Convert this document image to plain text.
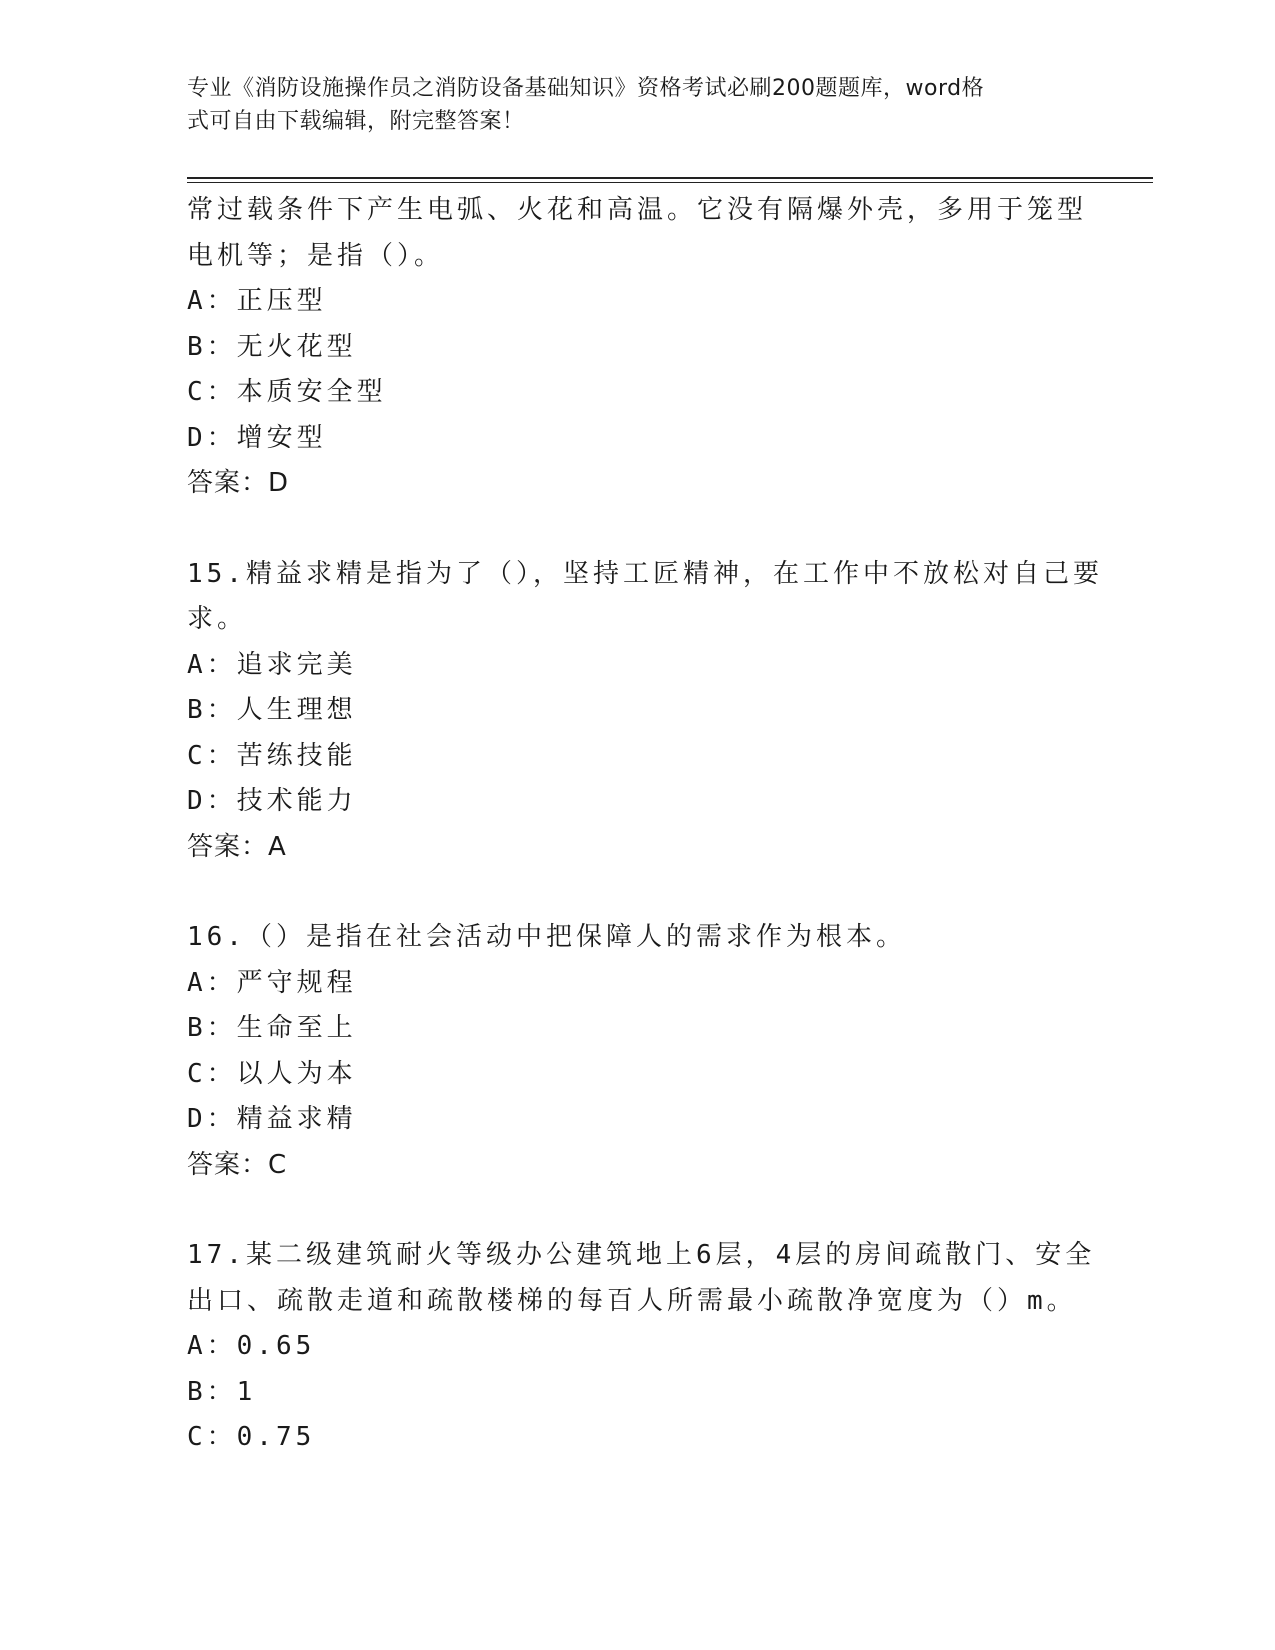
专业《消防设施操作员之消防设备基础知识》资格考试必刷200题题库，word格
式可自由下载编辑，附完整答案！
常过载条件下产生电弧、火花和高温。它没有隔爆外壳，多用于笼型
电机等；是指（）。
A：正压型
B：无火花型
C：本质安全型
D：增安型
答案：D
15.精益求精是指为了（），坚持工匠精神，在工作中不放松对自己要
求。
A：追求完美
B：人生理想
C：苦练技能
D：技术能力
答案：A
16.（）是指在社会活动中把保障人的需求作为根本。
A：严守规程
B：生命至上
C：以人为本
D：精益求精
答案：C
17.某二级建筑耐火等级办公建筑地上6层，4层的房间疏散门、安全
出口、疏散走道和疏散楼梯的每百人所需最小疏散净宽度为（）m。
A：0.65
B：1
C：0.75
